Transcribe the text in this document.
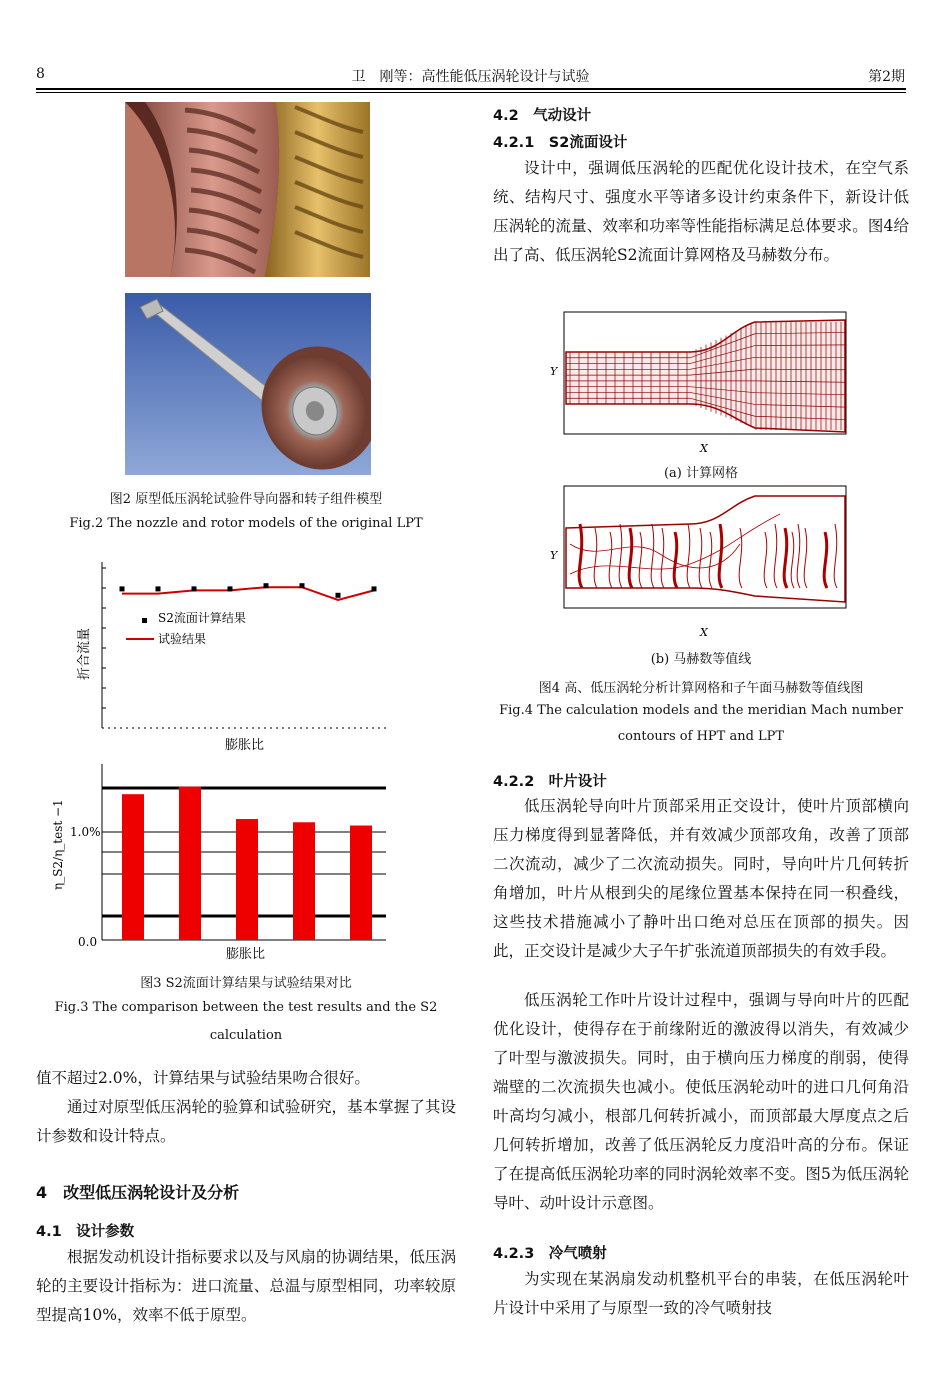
8	卫　刚等：高性能低压涡轮设计与试验	第2期
图2 原型低压涡轮试验件导向器和转子组件模型
Fig.2 The nozzle and rotor models of the original LPT
S2流面计算结果
试验结果
折合流量
膨胀比
1.0%
0.0
η_S2/η_test −1
膨胀比
图3 S2流面计算结果与试验结果对比
Fig.3 The comparison between the test results and the S2
calculation
值不超过2.0%，计算结果与试验结果吻合很好。
通过对原型低压涡轮的验算和试验研究，基本掌握了其设计参数和设计特点。
4　改型低压涡轮设计及分析
4.1　设计参数
根据发动机设计指标要求以及与风扇的协调结果，低压涡轮的主要设计指标为：进口流量、总温与原型相同，功率较原型提高10%，效率不低于原型。
4.2　气动设计
4.2.1　S2流面设计
设计中，强调低压涡轮的匹配优化设计技术，在空气系统、结构尺寸、强度水平等诸多设计约束条件下，新设计低压涡轮的流量、效率和功率等性能指标满足总体要求。图4给出了高、低压涡轮S2流面计算网格及马赫数分布。
Y
X
(a) 计算网格
Y
X
(b) 马赫数等值线
图4 高、低压涡轮分析计算网格和子午面马赫数等值线图
Fig.4 The calculation models and the meridian Mach number
contours of HPT and LPT
4.2.2　叶片设计
低压涡轮导向叶片顶部采用正交设计，使叶片顶部横向压力梯度得到显著降低，并有效减少顶部攻角，改善了顶部二次流动，减少了二次流动损失。同时，导向叶片几何转折角增加，叶片从根到尖的尾缘位置基本保持在同一积叠线，这些技术措施减小了静叶出口绝对总压在顶部的损失。因此，正交设计是减少大子午扩张流道顶部损失的有效手段。
低压涡轮工作叶片设计过程中，强调与导向叶片的匹配优化设计，使得存在于前缘附近的激波得以消失，有效减少了叶型与激波损失。同时，由于横向压力梯度的削弱，使得端壁的二次流损失也减小。使低压涡轮动叶的进口几何角沿叶高均匀减小，根部几何转折减小，而顶部最大厚度点之后几何转折增加，改善了低压涡轮反力度沿叶高的分布。保证了在提高低压涡轮功率的同时涡轮效率不变。图5为低压涡轮导叶、动叶设计示意图。
4.2.3　冷气喷射
为实现在某涡扇发动机整机平台的串装，在低压涡轮叶片设计中采用了与原型一致的冷气喷射技
